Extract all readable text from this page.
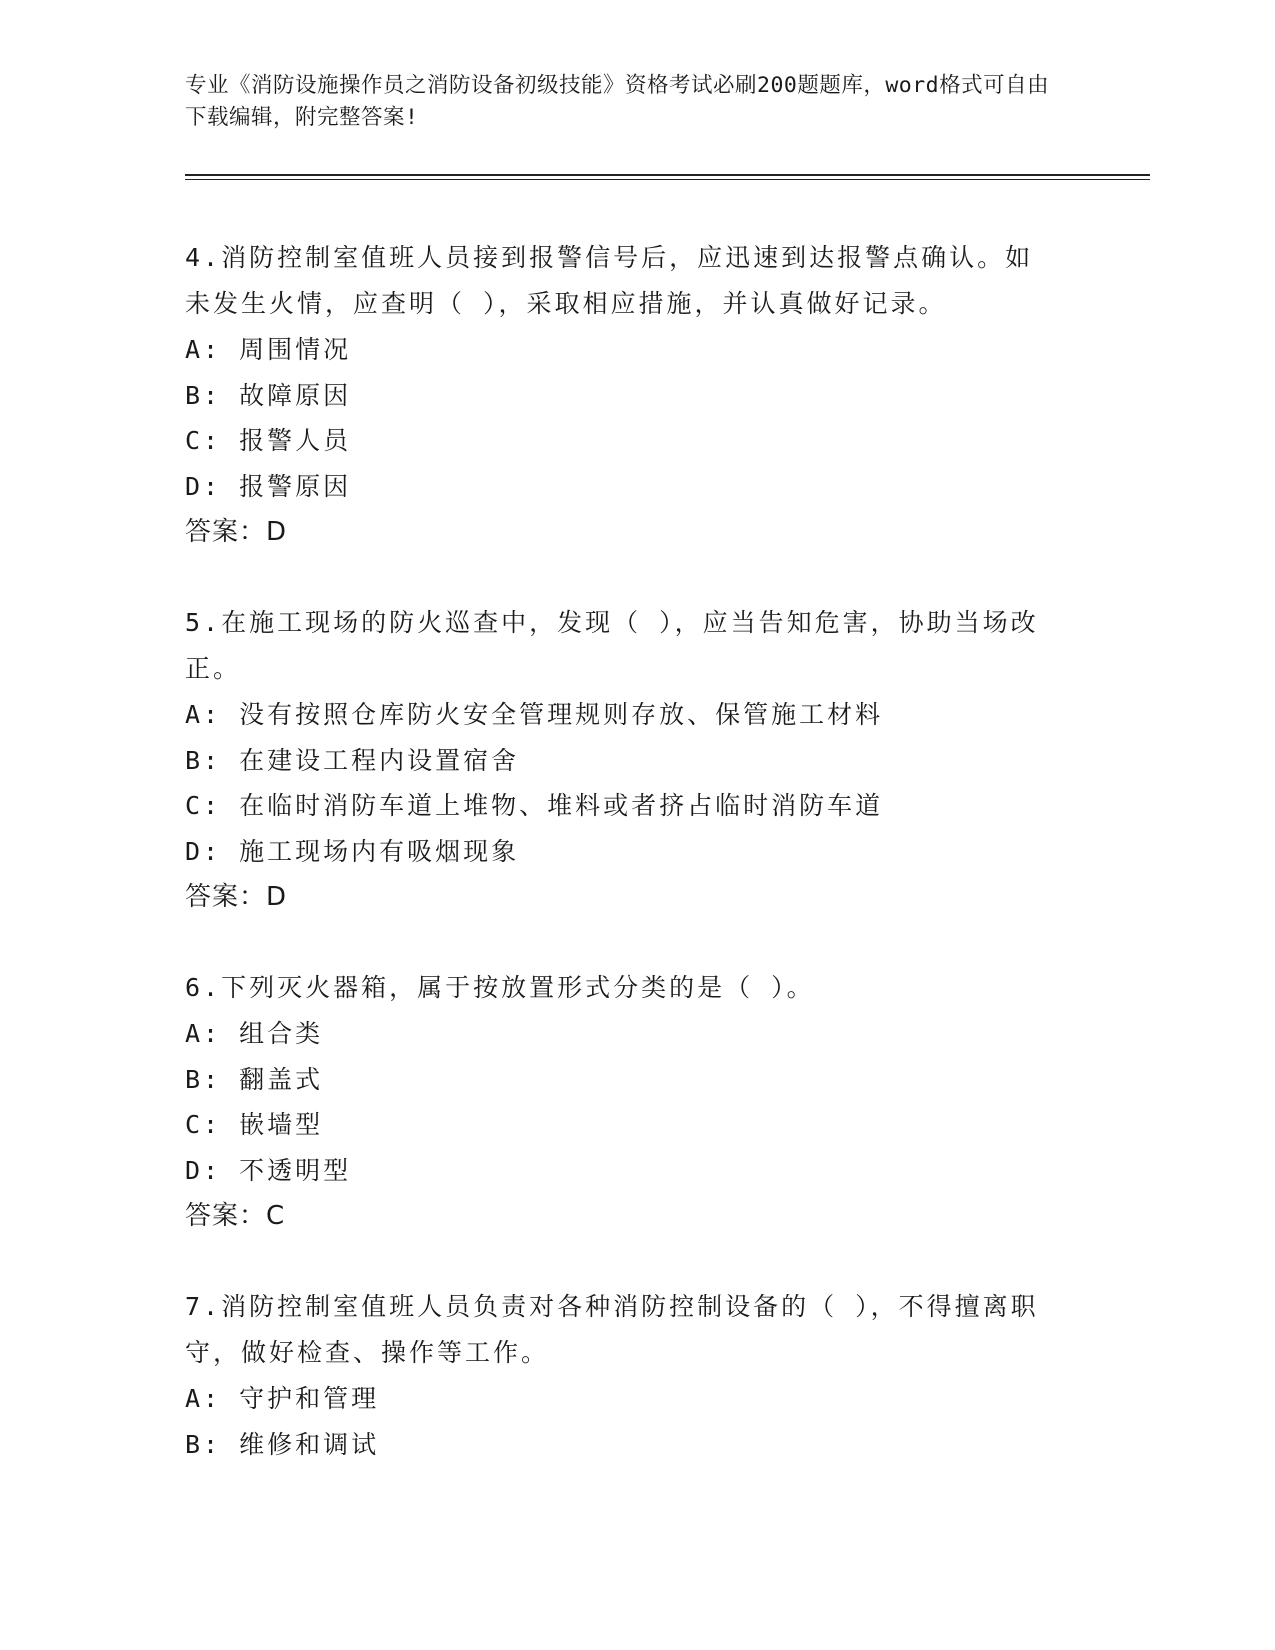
专业《消防设施操作员之消防设备初级技能》资格考试必刷200题题库，word格式可自由下载编辑，附完整答案!

4.消防控制室值班人员接到报警信号后，应迅速到达报警点确认。如未发生火情，应查明（ ），采取相应措施，并认真做好记录。

A: 周围情况

B: 故障原因

C: 报警人员

D: 报警原因

答案：D

5.在施工现场的防火巡查中，发现（ ），应当告知危害，协助当场改正。

A: 没有按照仓库防火安全管理规则存放、保管施工材料

B: 在建设工程内设置宿舍

C: 在临时消防车道上堆物、堆料或者挤占临时消防车道

D: 施工现场内有吸烟现象

答案：D

6.下列灭火器箱，属于按放置形式分类的是（ ）。

A: 组合类

B: 翻盖式

C: 嵌墙型

D: 不透明型

答案：C

7.消防控制室值班人员负责对各种消防控制设备的（ ），不得擅离职守，做好检查、操作等工作。

A: 守护和管理

B: 维修和调试
